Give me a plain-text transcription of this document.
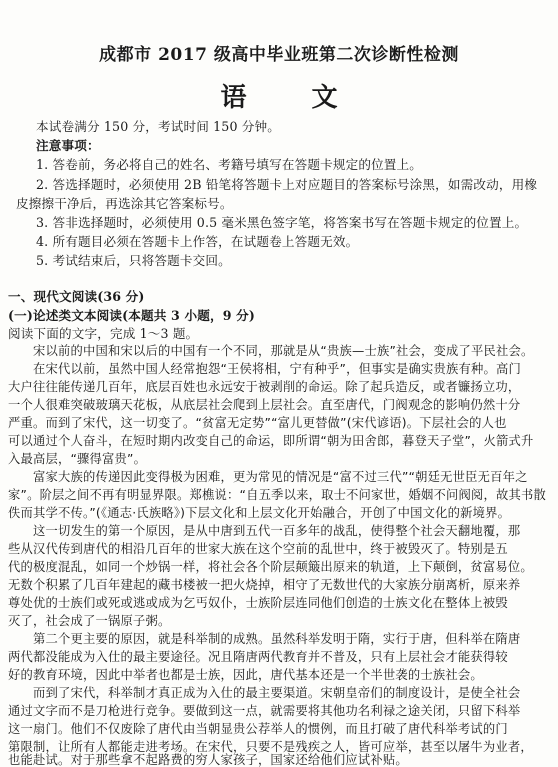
成都市 2017 级高中毕业班第二次诊断性检测
语 文
本试卷满分 150 分，考试时间 150 分钟。
注意事项：
1. 答卷前，务必将自己的姓名、考籍号填写在答题卡规定的位置上。
2. 答选择题时，必须使用 2B 铅笔将答题卡上对应题目的答案标号涂黑，如需改动，用橡
皮擦擦干净后，再选涂其它答案标号。
3. 答非选择题时，必须使用 0.5 毫米黑色签字笔，将答案书写在答题卡规定的位置上。
4. 所有题目必须在答题卡上作答，在试题卷上答题无效。
5. 考试结束后，只将答题卡交回。
一、现代文阅读(36 分)
(一)论述类文本阅读(本题共 3 小题，9 分)
阅读下面的文字，完成 1～3 题。
宋以前的中国和宋以后的中国有一个不同，那就是从“贵族—士族”社会，变成了平民社会。
在宋代以前，虽然中国人经常抱怨“王侯将相，宁有种乎”，但事实是确实贵族有种。高门
大户往往能传递几百年，底层百姓也永远安于被剥削的命运。除了起兵造反，或者镰扬立功，
一个人很难突破玻璃天花板，从底层社会爬到上层社会。直至唐代，门阀观念的影响仍然十分
严重。而到了宋代，这一切变了。“贫富无定势”“富儿更替做”(宋代谚语)。下层社会的人也
可以通过个人奋斗，在短时期内改变自己的命运，即所谓“朝为田舍郎，暮登天子堂”，火箭式升
入最高层，“骤得富贵”。
富家大族的传递因此变得极为困难，更为常见的情况是“富不过三代”“朝廷无世臣无百年之
家”。阶层之间不再有明显界限。郑樵说：“自五季以来，取士不问家世，婚姻不问阀阅，故其书散
佚而其学不传。”(《通志·氏族略》)下层文化和上层文化开始融合，开创了中国文化的新境界。
这一切发生的第一个原因，是从中唐到五代一百多年的战乱，使得整个社会天翻地覆，那
些从汉代传到唐代的相沿几百年的世家大族在这个空前的乱世中，终于被毁灭了。特别是五
代的极度混乱，如同一个炒锅一样，将社会各个阶层颠簸出原来的轨道，上下颠倒，贫富易位。
无数个积累了几百年建起的藏书楼被一把火烧掉，相守了无数世代的大家族分崩离析，原来养
尊处优的士族们或死或逃或成为乞丐奴仆，士族阶层连同他们创造的士族文化在整体上被毁
灭了，社会成了一锅原子粥。
第二个更主要的原因，就是科举制的成熟。虽然科举发明于隋，实行于唐，但科举在隋唐
两代都没能成为入仕的最主要途径。况且隋唐两代教育并不普及，只有上层社会才能获得较
好的教育环境，因此中举者也都是士族，因此，唐代基本还是一个半世袭的士族社会。
而到了宋代，科举制才真正成为入仕的最主要渠道。宋朝皇帝们的制度设计，是使全社会
通过文字而不是刀枪进行竞争。要做到这一点，就需要将其他功名利禄之途关闭，只留下科举
这一扇门。他们不仅废除了唐代由当朝显贵公荐举人的惯例，而且打破了唐代科举考试的门
第限制，让所有人都能走进考场。在宋代，只要不是残疾之人，皆可应举，甚至以屠牛为业者，
也能赴试。对于那些拿不起路费的穷人家孩子，国家还给他们应试补贴。
